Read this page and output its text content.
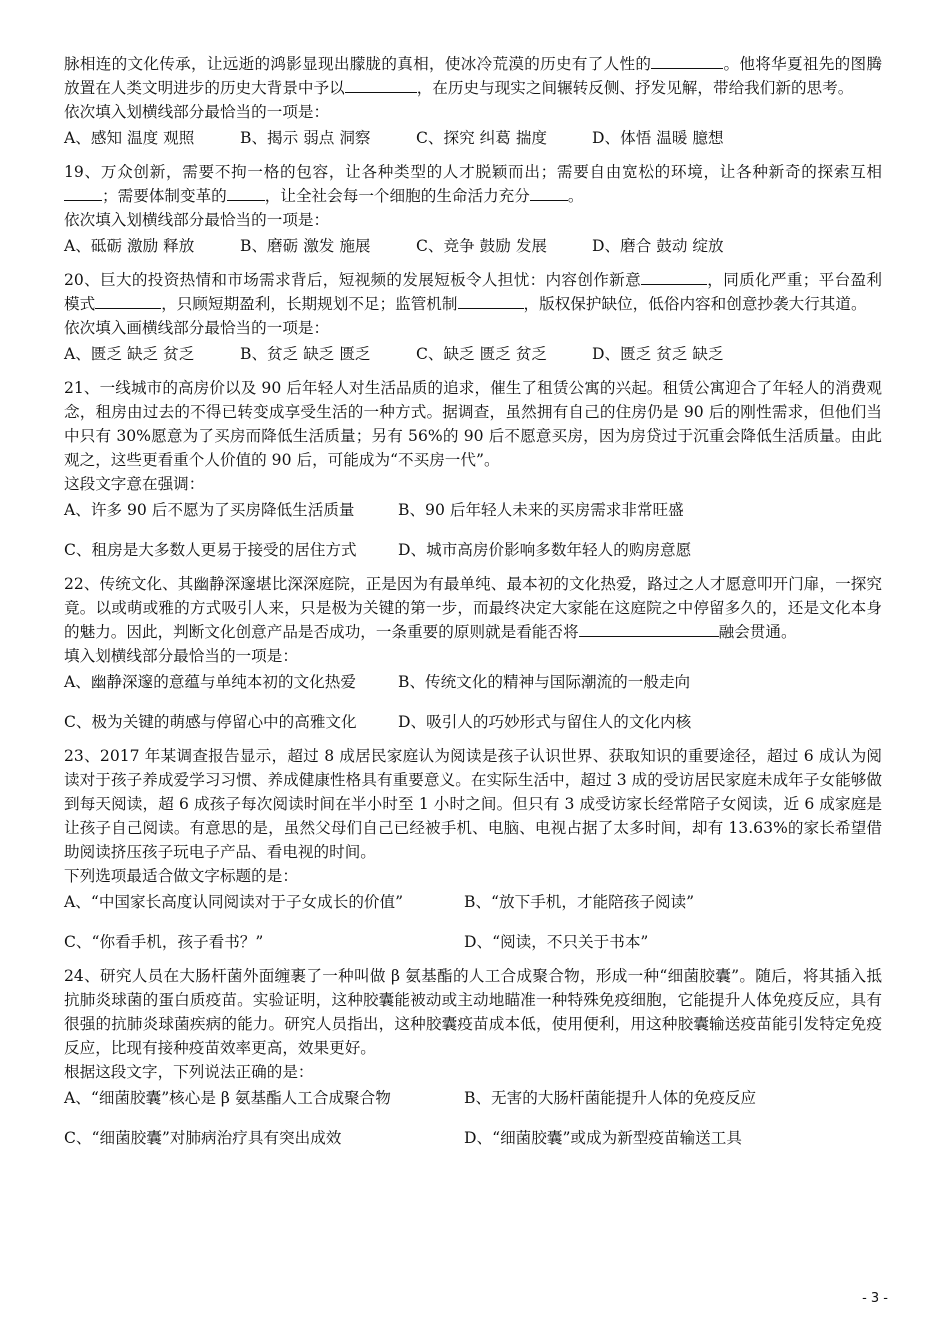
脉相连的文化传承，让远逝的鸿影显现出朦胧的真相，使冰冷荒漠的历史有了人性的	。他将华夏祖先的图腾放置在人类文明进步的历史大背景中予以	，在历史与现实之间辗转反侧、抒发见解，带给我们新的思考。

依次填入划横线部分最恰当的一项是：

A、感知 温度 观照	B、揭示 弱点 洞察	C、探究 纠葛 揣度	D、体悟 温暖 臆想

19、万众创新，需要不拘一格的包容，让各种类型的人才脱颖而出；需要自由宽松的环境，让各种新奇的探索互相；需要体制变革的 ，让全社会每一个细胞的生命活力充分 。

依次填入划横线部分最恰当的一项是：

A、砥砺 激励 释放	B、磨砺 激发 施展	C、竞争 鼓励 发展	D、磨合 鼓动 绽放

20、巨大的投资热情和市场需求背后，短视频的发展短板令人担忧：内容创作新意	，同质化严重；平台盈利模式	，只顾短期盈利，长期规划不足；监管机制	，版权保护缺位，低俗内容和创意抄袭大行其道。

依次填入画横线部分最恰当的一项是：

A、匮乏 缺乏 贫乏	B、贫乏 缺乏 匮乏	C、缺乏 匮乏 贫乏	D、匮乏 贫乏 缺乏

21、一线城市的高房价以及 90 后年轻人对生活品质的追求，催生了租赁公寓的兴起。租赁公寓迎合了年轻人的消费观念，租房由过去的不得已转变成享受生活的一种方式。据调查，虽然拥有自己的住房仍是 90 后的刚性需求，但他们当中只有 30%愿意为了买房而降低生活质量；另有 56%的 90 后不愿意买房，因为房贷过于沉重会降低生活质量。由此观之，这些更看重个人价值的 90 后，可能成为“不买房一代”。

这段文字意在强调：

A、许多 90 后不愿为了买房降低生活质量	B、90 后年轻人未来的买房需求非常旺盛
C、租房是大多数人更易于接受的居住方式	D、城市高房价影响多数年轻人的购房意愿

22、传统文化、其幽静深邃堪比深深庭院，正是因为有最单纯、最本初的文化热爱，路过之人才愿意叩开门扉，一探究竟。以或萌或雅的方式吸引人来，只是极为关键的第一步，而最终决定大家能在这庭院之中停留多久的，还是文化本身的魅力。因此，判断文化创意产品是否成功，一条重要的原则就是看能否将	融会贯通。

填入划横线部分最恰当的一项是：

A、幽静深邃的意蕴与单纯本初的文化热爱	B、传统文化的精神与国际潮流的一般走向
C、极为关键的萌感与停留心中的高雅文化	D、吸引人的巧妙形式与留住人的文化内核

23、2017 年某调查报告显示，超过 8 成居民家庭认为阅读是孩子认识世界、获取知识的重要途径，超过 6 成认为阅读对于孩子养成爱学习习惯、养成健康性格具有重要意义。在实际生活中，超过 3 成的受访居民家庭未成年子女能够做到每天阅读，超 6 成孩子每次阅读时间在半小时至 1 小时之间。但只有 3 成受访家长经常陪子女阅读，近 6 成家庭是让孩子自己阅读。有意思的是，虽然父母们自己已经被手机、电脑、电视占据了太多时间，却有 13.63%的家长希望借助阅读挤压孩子玩电子产品、看电视的时间。

下列选项最适合做文字标题的是：

A、“中国家长高度认同阅读对于子女成长的价值”	B、“放下手机，才能陪孩子阅读”
C、“你看手机，孩子看书？”	D、“阅读，不只关于书本”

24、研究人员在大肠杆菌外面缠裹了一种叫做 β 氨基酯的人工合成聚合物，形成一种“细菌胶囊”。随后，将其插入抵抗肺炎球菌的蛋白质疫苗。实验证明，这种胶囊能被动或主动地瞄准一种特殊免疫细胞，它能提升人体免疫反应，具有很强的抗肺炎球菌疾病的能力。研究人员指出，这种胶囊疫苗成本低，使用便利，用这种胶囊输送疫苗能引发特定免疫反应，比现有接种疫苗效率更高，效果更好。

根据这段文字，下列说法正确的是：

A、“细菌胶囊”核心是 β 氨基酯人工合成聚合物	B、无害的大肠杆菌能提升人体的免疫反应
C、“细菌胶囊”对肺病治疗具有突出成效	D、“细菌胶囊”或成为新型疫苗输送工具
- 3 -
